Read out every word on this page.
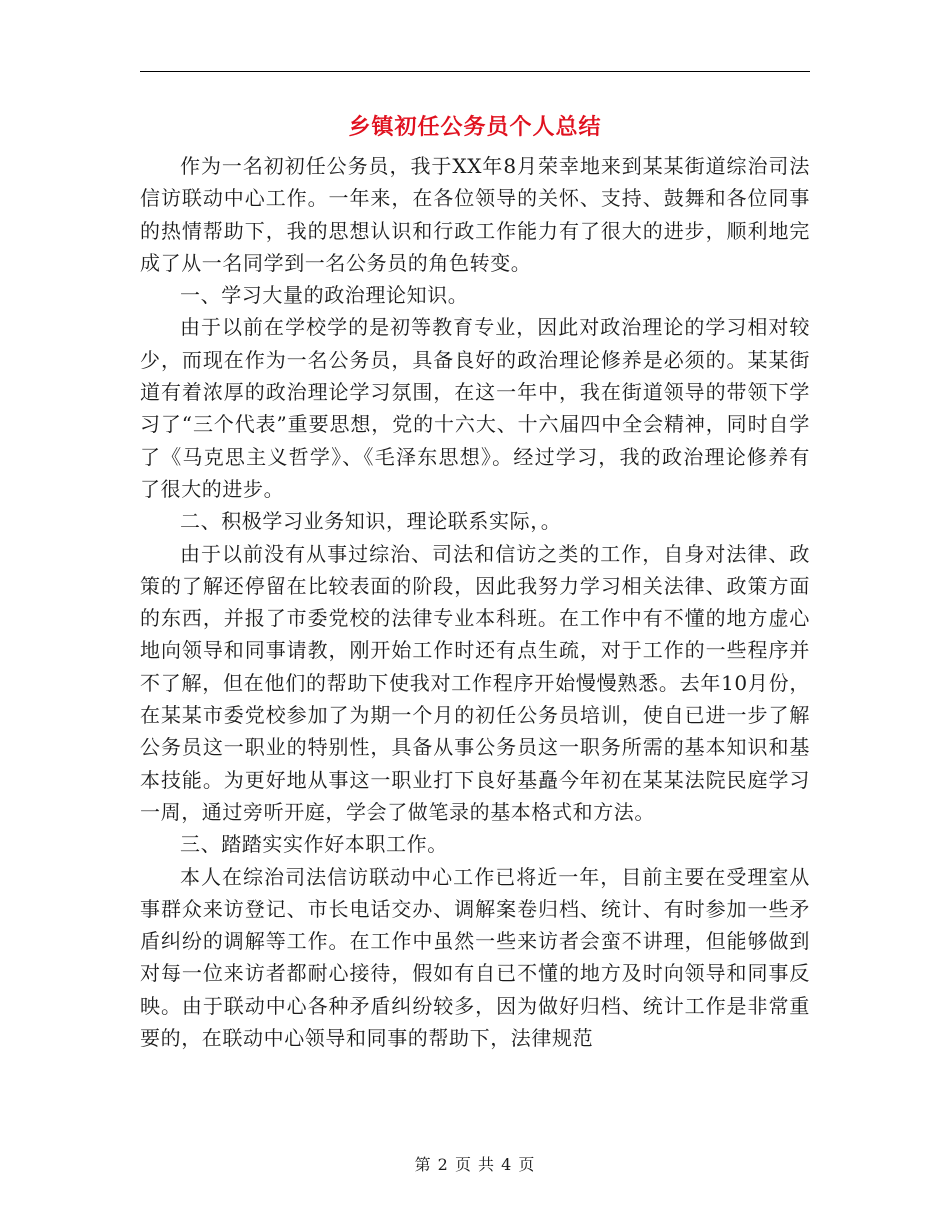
乡镇初任公务员个人总结

作为一名初初任公务员，我于XX年8月荣幸地来到某某街道综治司法信访联动中心工作。一年来，在各位领导的关怀、支持、鼓舞和各位同事的热情帮助下，我的思想认识和行政工作能力有了很大的进步，顺利地完成了从一名同学到一名公务员的角色转变。

一、学习大量的政治理论知识。

由于以前在学校学的是初等教育专业，因此对政治理论的学习相对较少，而现在作为一名公务员，具备良好的政治理论修养是必须的。某某街道有着浓厚的政治理论学习氛围，在这一年中，我在街道领导的带领下学习了“三个代表”重要思想，党的十六大、十六届四中全会精神，同时自学了《马克思主义哲学》、《毛泽东思想》。经过学习，我的政治理论修养有了很大的进步。

二、积极学习业务知识，理论联系实际，。

由于以前没有从事过综治、司法和信访之类的工作，自身对法律、政策的了解还停留在比较表面的阶段，因此我努力学习相关法律、政策方面的东西，并报了市委党校的法律专业本科班。在工作中有不懂的地方虚心地向领导和同事请教，刚开始工作时还有点生疏，对于工作的一些程序并不了解，但在他们的帮助下使我对工作程序开始慢慢熟悉。去年10月份，在某某市委党校参加了为期一个月的初任公务员培训，使自已进一步了解公务员这一职业的特别性，具备从事公务员这一职务所需的基本知识和基本技能。为更好地从事这一职业打下良好基矗今年初在某某法院民庭学习一周，通过旁听开庭，学会了做笔录的基本格式和方法。

三、踏踏实实作好本职工作。

本人在综治司法信访联动中心工作已将近一年，目前主要在受理室从事群众来访登记、市长电话交办、调解案卷归档、统计、有时参加一些矛盾纠纷的调解等工作。在工作中虽然一些来访者会蛮不讲理，但能够做到对每一位来访者都耐心接待，假如有自已不懂的地方及时向领导和同事反映。由于联动中心各种矛盾纠纷较多，因为做好归档、统计工作是非常重要的，在联动中心领导和同事的帮助下，法律规范

第 2 页 共 4 页
